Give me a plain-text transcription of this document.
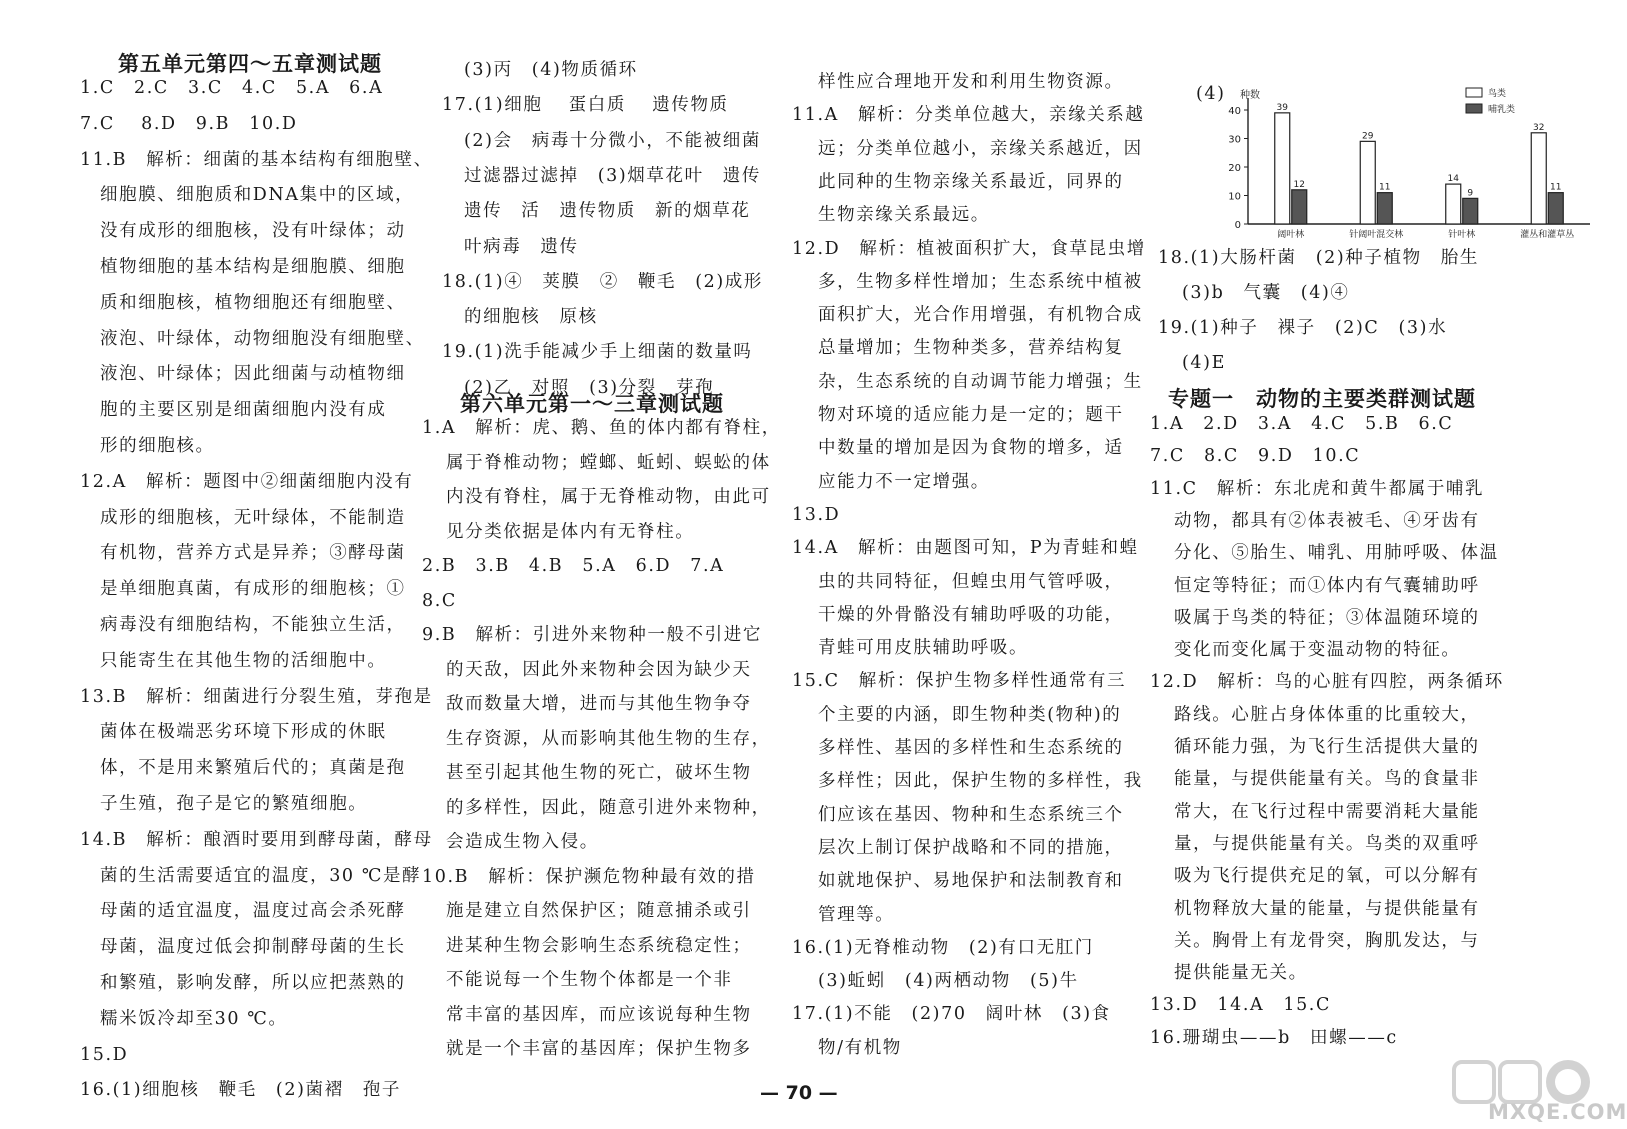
第五单元第四～五章测试题
1.C　2.C　3.C　4.C　5.A　6.A
7.C　 8.D　9.B　10.D
11.B　解析：细菌的基本结构有细胞壁、
细胞膜、细胞质和DNA集中的区域，
没有成形的细胞核，没有叶绿体；动
植物细胞的基本结构是细胞膜、细胞
质和细胞核，植物细胞还有细胞壁、
液泡、叶绿体，动物细胞没有细胞壁、
液泡、叶绿体；因此细菌与动植物细
胞的主要区别是细菌细胞内没有成
形的细胞核。
12.A　解析：题图中②细菌细胞内没有
成形的细胞核，无叶绿体，不能制造
有机物，营养方式是异养；③酵母菌
是单细胞真菌，有成形的细胞核；①
病毒没有细胞结构，不能独立生活，
只能寄生在其他生物的活细胞中。
13.B　解析：细菌进行分裂生殖，芽孢是
菌体在极端恶劣环境下形成的休眠
体，不是用来繁殖后代的；真菌是孢
子生殖，孢子是它的繁殖细胞。
14.B　解析：酿酒时要用到酵母菌，酵母
菌的生活需要适宜的温度，30 ℃是酵
母菌的适宜温度，温度过高会杀死酵
母菌，温度过低会抑制酵母菌的生长
和繁殖，影响发酵，所以应把蒸熟的
糯米饭冷却至30 ℃。
15.D
16.(1)细胞核　鞭毛　(2)菌褶　孢子
(3)丙　(4)物质循环
17.(1)细胞　 蛋白质　 遗传物质
(2)会　病毒十分微小，不能被细菌
过滤器过滤掉　(3)烟草花叶　遗传
遗传　活　遗传物质　新的烟草花
叶病毒　遗传
18.(1)④　荚膜　②　鞭毛　(2)成形
的细胞核　原核
19.(1)洗手能减少手上细菌的数量吗
(2)乙　对照　(3)分裂　芽孢
第六单元第一～三章测试题
1.A　解析：虎、鹅、鱼的体内都有脊柱，
属于脊椎动物；螳螂、蚯蚓、蜈蚣的体
内没有脊柱，属于无脊椎动物，由此可
见分类依据是体内有无脊柱。
2.B　3.B　4.B　5.A　6.D　7.A
8.C
9.B　解析：引进外来物种一般不引进它
的天敌，因此外来物种会因为缺少天
敌而数量大增，进而与其他生物争夺
生存资源，从而影响其他生物的生存，
甚至引起其他生物的死亡，破坏生物
的多样性，因此，随意引进外来物种，
会造成生物入侵。
10.B　解析：保护濒危物种最有效的措
施是建立自然保护区；随意捕杀或引
进某种生物会影响生态系统稳定性；
不能说每一个生物个体都是一个非
常丰富的基因库，而应该说每种生物
就是一个丰富的基因库；保护生物多
样性应合理地开发和利用生物资源。
11.A　解析：分类单位越大，亲缘关系越
远；分类单位越小，亲缘关系越近，因
此同种的生物亲缘关系最近，同界的
生物亲缘关系最远。
12.D　解析：植被面积扩大，食草昆虫增
多，生物多样性增加；生态系统中植被
面积扩大，光合作用增强，有机物合成
总量增加；生物种类多，营养结构复
杂，生态系统的自动调节能力增强；生
物对环境的适应能力是一定的；题干
中数量的增加是因为食物的增多，适
应能力不一定增强。
13.D
14.A　解析：由题图可知，P为青蛙和蝗
虫的共同特征，但蝗虫用气管呼吸，
干燥的外骨骼没有辅助呼吸的功能，
青蛙可用皮肤辅助呼吸。
15.C　解析：保护生物多样性通常有三
个主要的内涵，即生物种类(物种)的
多样性、基因的多样性和生态系统的
多样性；因此，保护生物的多样性，我
们应该在基因、物种和生态系统三个
层次上制订保护战略和不同的措施，
如就地保护、易地保护和法制教育和
管理等。
16.(1)无脊椎动物　(2)有口无肛门
(3)蚯蚓　(4)两栖动物　(5)牛
17.(1)不能　(2)70　阔叶林　(3)食
物/有机物
(4)
18.(1)大肠杆菌　(2)种子植物　胎生
(3)b　气囊　(4)④
19.(1)种子　裸子　(2)C　(3)水
(4)E
专题一　动物的主要类群测试题
1.A　2.D　3.A　4.C　5.B　6.C
7.C　8.C　9.D　10.C
11.C　解析：东北虎和黄牛都属于哺乳
动物，都具有②体表被毛、④牙齿有
分化、⑤胎生、哺乳、用肺呼吸、体温
恒定等特征；而①体内有气囊辅助呼
吸属于鸟类的特征；③体温随环境的
变化而变化属于变温动物的特征。
12.D　解析：鸟的心脏有四腔，两条循环
路线。心脏占身体体重的比重较大，
循环能力强，为飞行生活提供大量的
能量，与提供能量有关。鸟的食量非
常大，在飞行过程中需要消耗大量能
量，与提供能量有关。鸟类的双重呼
吸为飞行提供充足的氧，可以分解有
机物释放大量的能量，与提供能量有
关。胸骨上有龙骨突，胸肌发达，与
提供能量无关。
13.D　14.A　15.C
16.珊瑚虫——b　田螺——c
种数
0
10
20
30
40	39
12
阔叶林
29
11
针阔叶混交林
14
9
针叶林
32
11
灌丛和灌草丛
鸟类
哺乳类
— 70 —
MXQE.COM
